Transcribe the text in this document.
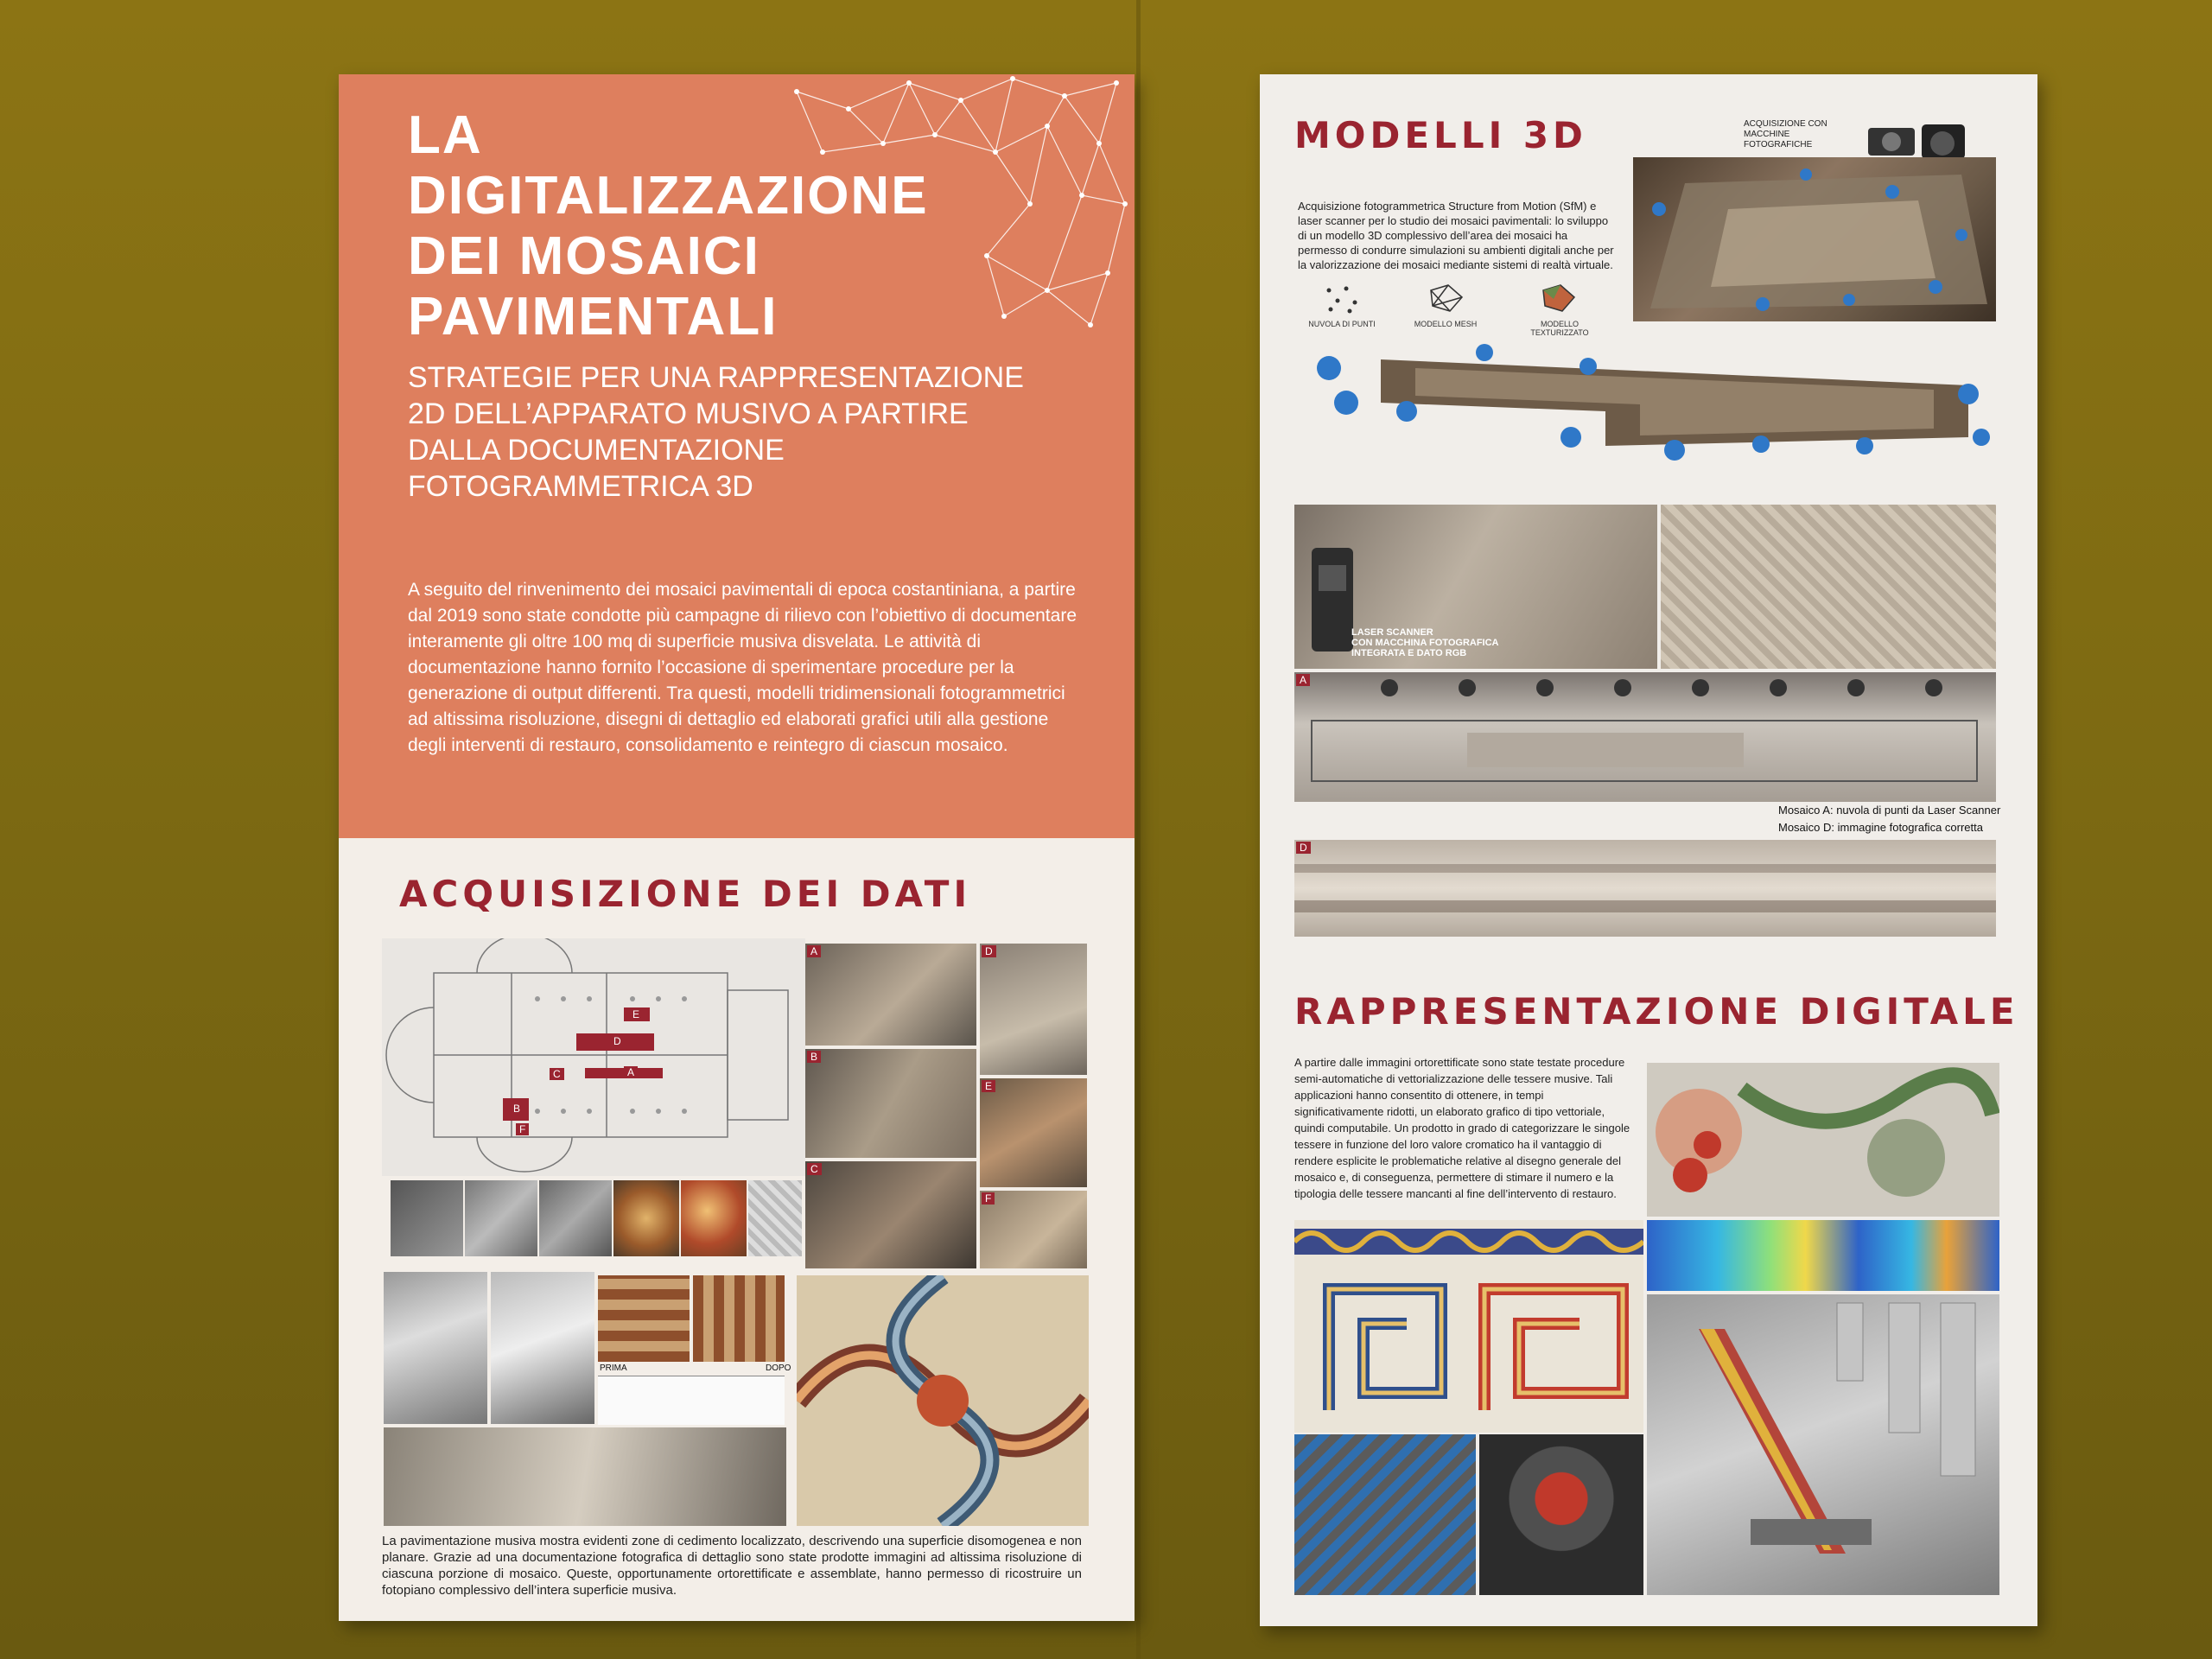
LA
DIGITALIZZAZIONE
DEI MOSAICI
PAVIMENTALI
STRATEGIE PER UNA RAPPRESENTAZIONE
2D DELL’APPARATO MUSIVO A PARTIRE
DALLA DOCUMENTAZIONE
FOTOGRAMMETRICA 3D
A seguito del rinvenimento dei mosaici pavimentali di epoca costantiniana, a partire dal 2019 sono state condotte più campagne di rilievo con l’obiettivo di documentare interamente gli oltre 100 mq di superficie musiva disvelata. Le attività di documentazione hanno fornito l’occasione di sperimentare procedure per la generazione di output differenti. Tra questi, modelli tridimensionali fotogrammetrici ad altissima risoluzione, disegni di dettaglio ed elaborati grafici utili alla gestione degli interventi di restauro, consolidamento e reintegro di ciascun mosaico.
ACQUISIZIONE DEI DATI
E
D
C	A
B
F
A	D
B
E
C
F
PRIMA	DOPO
La pavimentazione musiva mostra evidenti zone di cedimento localizzato, descrivendo una superficie disomogenea e non planare. Grazie ad una documentazione fotografica di dettaglio sono state prodotte immagini ad altissima risoluzione di ciascuna porzione di mosaico. Queste, opportunamente ortorettificate e assemblate, hanno permesso di ricostruire un fotopiano complessivo dell’intera superficie musiva.
MODELLI 3D	ACQUISIZIONE CON MACCHINE FOTOGRAFICHE
Acquisizione fotogrammetrica Structure from Motion (SfM) e laser scanner per lo studio dei mosaici pavimentali: lo sviluppo di un modello 3D complessivo dell’area dei mosaici ha permesso di condurre simulazioni su ambienti digitali anche per la valorizzazione dei mosaici mediante sistemi di realtà virtuale.
NUVOLA DI PUNTI	MODELLO MESH	MODELLO TEXTURIZZATO
LASER SCANNER
CON MACCHINA FOTOGRAFICA
INTEGRATA E DATO RGB
A
Mosaico A: nuvola di punti da Laser Scanner
Mosaico D: immagine fotografica corretta
D
RAPPRESENTAZIONE DIGITALE
A partire dalle immagini ortorettificate sono state testate procedure semi-automatiche di vettorializzazione delle tessere musive. Tali applicazioni hanno consentito di ottenere, in tempi significativamente ridotti, un elaborato grafico di tipo vettoriale, quindi computabile. Un prodotto in grado di categorizzare le singole tessere in funzione del loro valore cromatico ha il vantaggio di rendere esplicite le problematiche relative al disegno generale del mosaico e, di conseguenza, permettere di stimare il numero e la tipologia delle tessere mancanti al fine dell’intervento di restauro.
